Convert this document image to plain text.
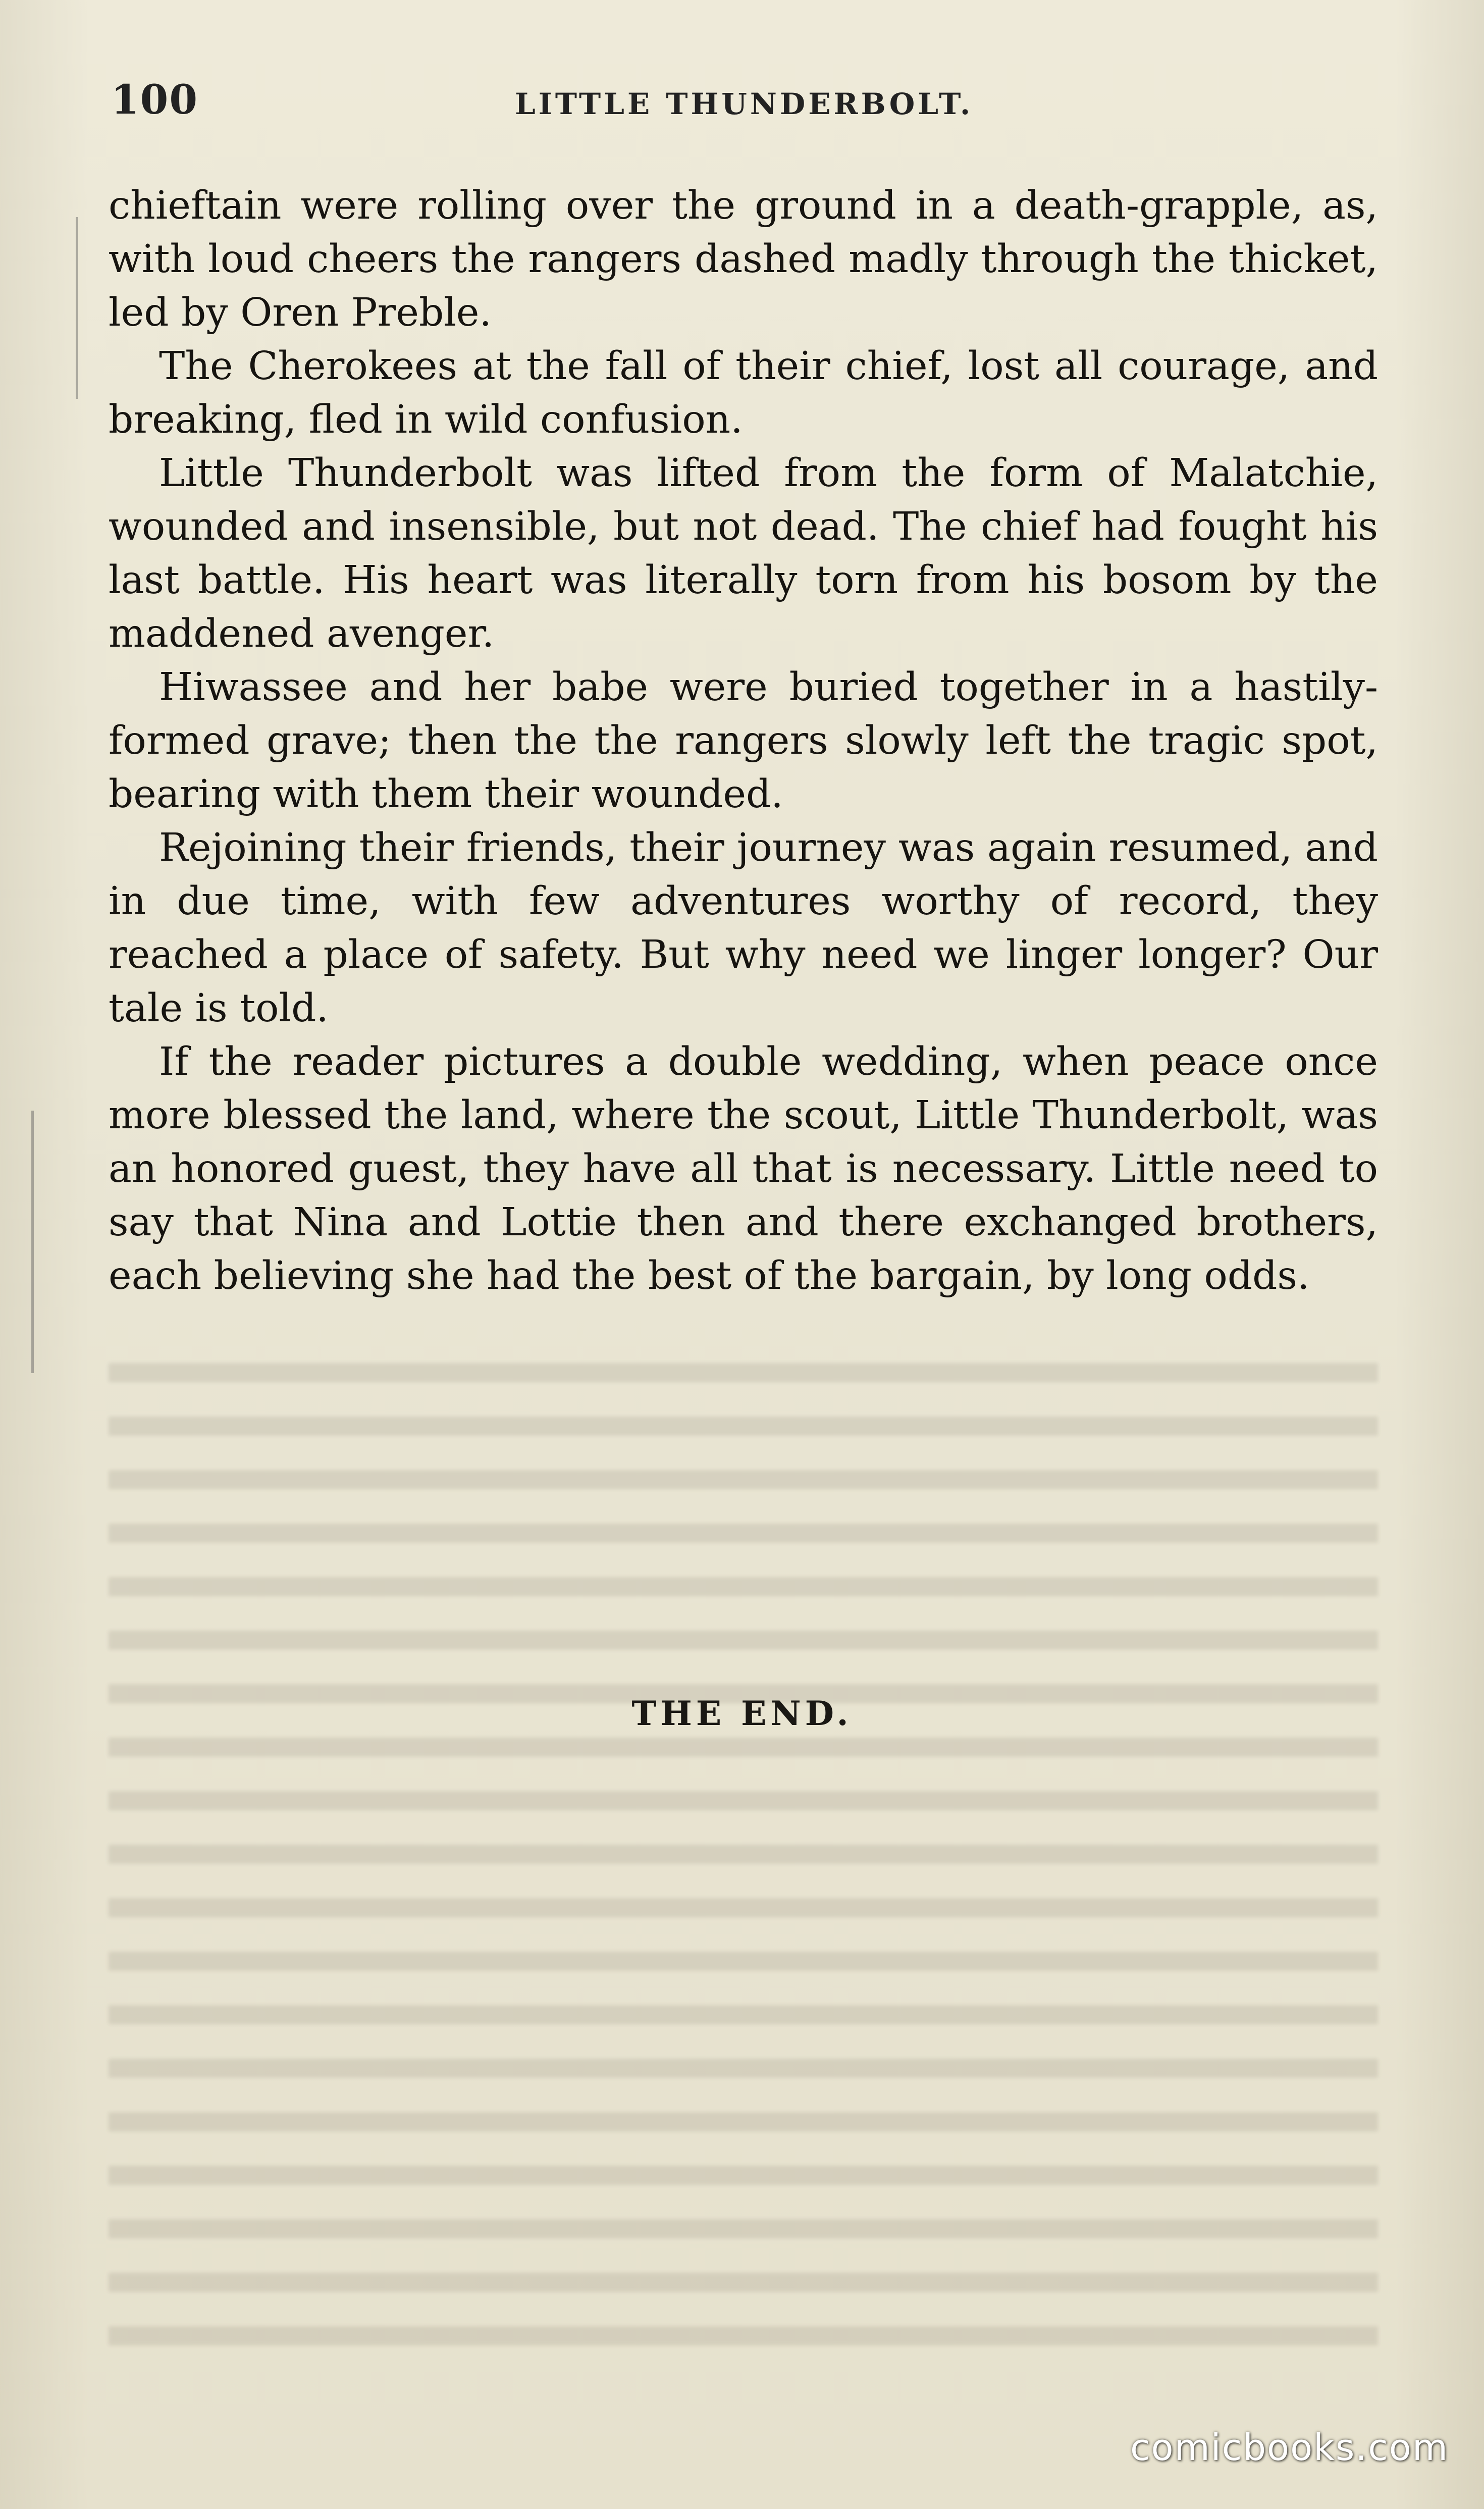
100	LITTLE THUNDERBOLT.

chieftain were rolling over the ground in a death-grapple, as, with loud cheers the rangers dashed madly through the thicket, led by Oren Preble.

The Cherokees at the fall of their chief, lost all courage, and breaking, fled in wild confusion.

Little Thunderbolt was lifted from the form of Malatchie, wounded and insensible, but not dead. The chief had fought his last battle. His heart was literally torn from his bosom by the maddened avenger.

Hiwassee and her babe were buried together in a hastily-formed grave; then the the rangers slowly left the tragic spot, bearing with them their wounded.

Rejoining their friends, their journey was again resumed, and in due time, with few adventures worthy of record, they reached a place of safety. But why need we linger longer? Our tale is told.

If the reader pictures a double wedding, when peace once more blessed the land, where the scout, Little Thunderbolt, was an honored guest, they have all that is necessary. Little need to say that Nina and Lottie then and there exchanged brothers, each believing she had the best of the bargain, by long odds.

THE END.
comicbooks.com
